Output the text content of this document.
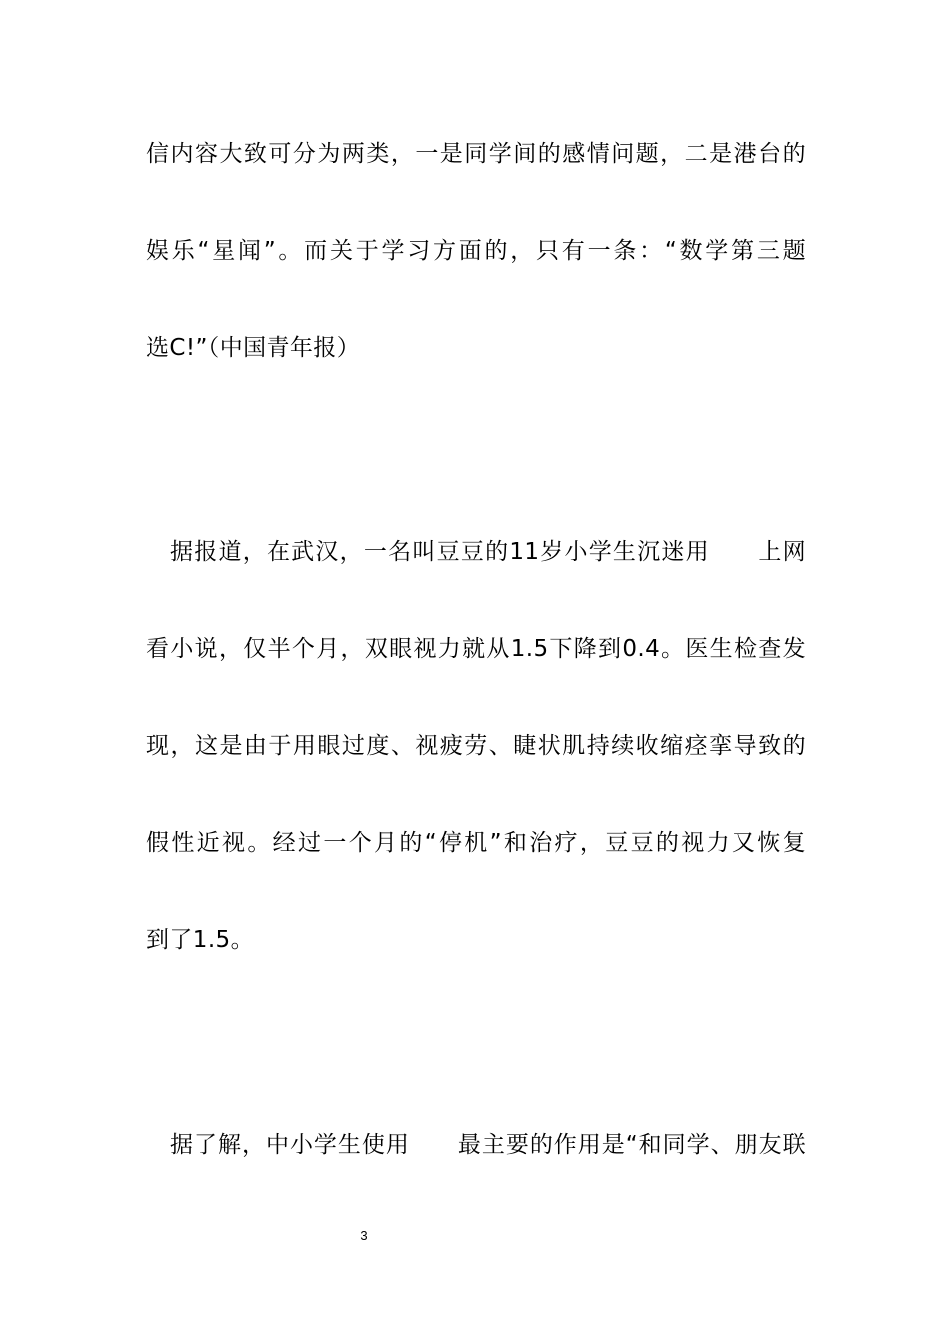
信内容大致可分为两类，一是同学间的感情问题，二是港台的
娱乐“星闻”。而关于学习方面的，只有一条：“数学第三题
选C!”（中国青年报）
据报道，在武汉，一名叫豆豆的11岁小学生沉迷用　　上网
看小说，仅半个月，双眼视力就从1.5下降到0.4。医生检查发
现，这是由于用眼过度、视疲劳、睫状肌持续收缩痉挛导致的
假性近视。经过一个月的“停机”和治疗，豆豆的视力又恢复
到了1.5。
据了解，中小学生使用　　最主要的作用是“和同学、朋友联
3
